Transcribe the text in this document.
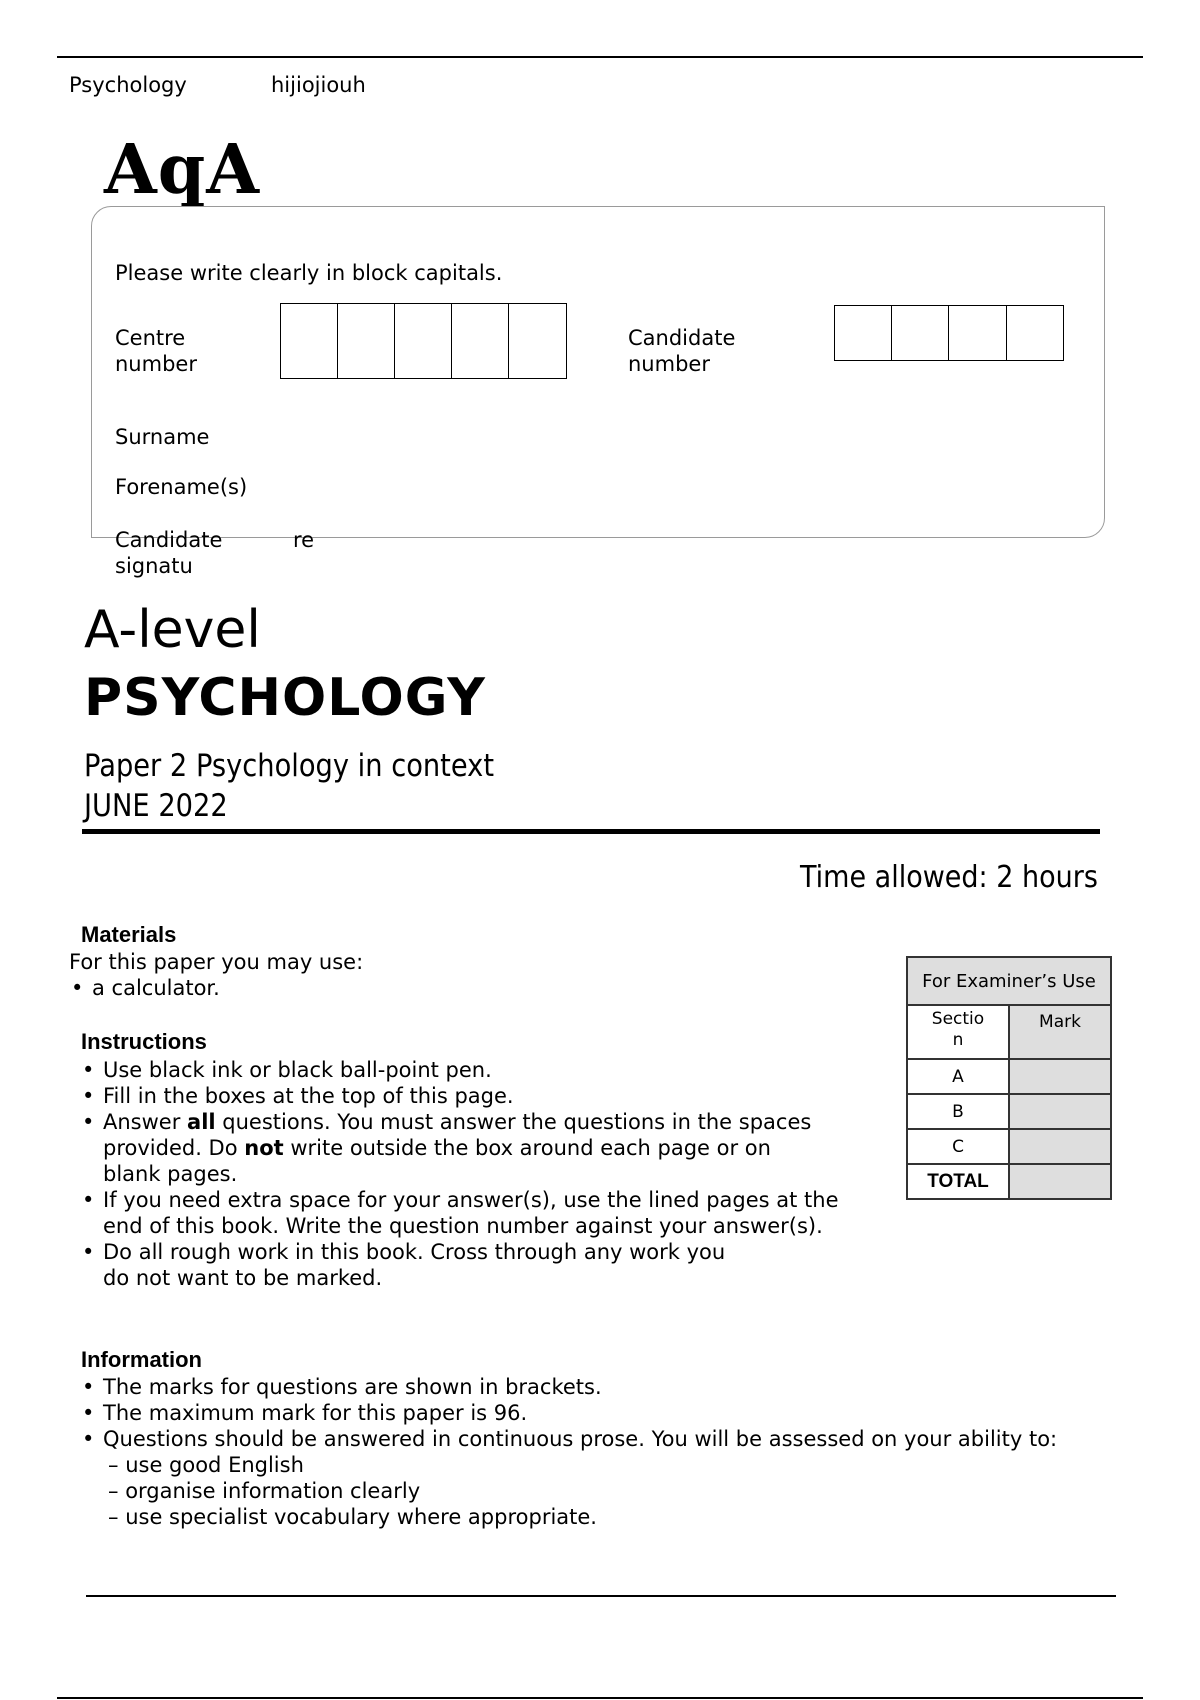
Psychology	hijiojiouh
AqA
Please write clearly in block capitals.
Centre
number
Candidate
number
Surname
Forename(s)
Candidate
signatu
re
A-level
PSYCHOLOGY
Paper 2 Psychology in context
JUNE 2022
Time allowed: 2 hours
Materials
For this paper you may use:
• a calculator.
Instructions
• Use black ink or black ball-point pen.
• Fill in the boxes at the top of this page.
• Answer all questions. You must answer the questions in the spaces provided. Do not write outside the box around each page or on blank pages.
• If you need extra space for your answer(s), use the lined pages at the end of this book. Write the question number against your answer(s).
• Do all rough work in this book. Cross through any work you do not want to be marked.
Information
• The marks for questions are shown in brackets.
• The maximum mark for this paper is 96.
• Questions should be answered in continuous prose. You will be assessed on your ability to:
– use good English
– organise information clearly
– use specialist vocabulary where appropriate.
For Examiner’s Use	

Sectio
n	Mark
A	
B	
C	
TOTAL	
